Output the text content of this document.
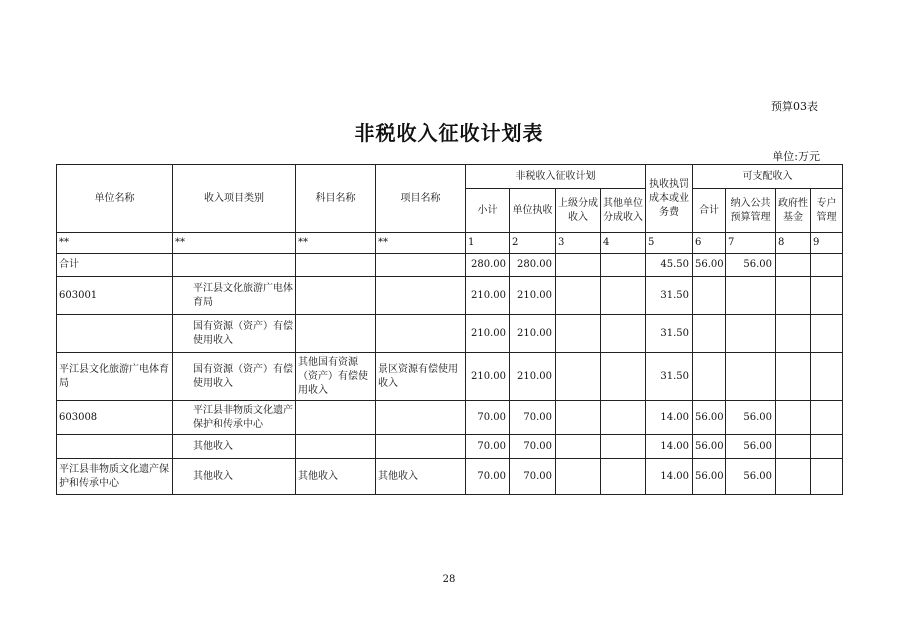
预算03表
非税收入征收计划表
单位:万元
单位名称	收入项目类别	科目名称	项目名称	非税收入征收计划				执收执罚成本或业务费	可支配收入			
				小计	单位执收	上级分成收入	其他单位分成收入		合计	纳入公共预算管理	政府性基金	专户管理
**	**	**	**	1	2	3	4	5	6	7	8	9
合计				280.00	280.00			45.50	56.00	56.00		
603001	平江县文化旅游广电体育局			210.00	210.00			31.50				
	国有资源（资产）有偿使用收入			210.00	210.00			31.50				
平江县文化旅游广电体育局	国有资源（资产）有偿使用收入	其他国有资源（资产）有偿使用收入	景区资源有偿使用收入	210.00	210.00			31.50				
603008	平江县非物质文化遗产保护和传承中心			70.00	70.00			14.00	56.00	56.00		
	其他收入			70.00	70.00			14.00	56.00	56.00		
平江县非物质文化遗产保护和传承中心	其他收入	其他收入	其他收入	70.00	70.00			14.00	56.00	56.00		
28
